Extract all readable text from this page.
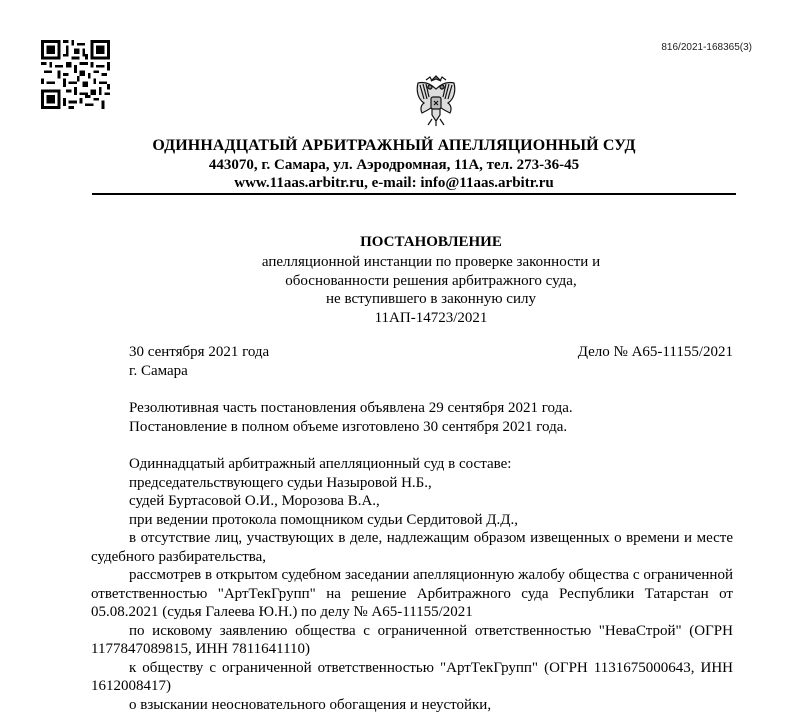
816/2021-168365(3)
ОДИННАДЦАТЫЙ АРБИТРАЖНЫЙ АПЕЛЛЯЦИОННЫЙ СУД
443070, г. Самара, ул. Аэродромная, 11А, тел. 273-36-45
www.11aas.arbitr.ru, e-mail: info@11aas.arbitr.ru
ПОСТАНОВЛЕНИЕ
апелляционной инстанции по проверке законности и
обоснованности решения арбитражного суда,
не вступившего в законную силу
11АП-14723/2021
30 сентября 2021 года	Дело № А65-11155/2021
г. Самара
Резолютивная часть постановления объявлена 29 сентября 2021 года.
Постановление в полном объеме изготовлено 30 сентября 2021 года.
Одиннадцатый арбитражный апелляционный суд в составе:
председательствующего судьи Назыровой Н.Б.,
судей Буртасовой О.И., Морозова В.А.,
при ведении протокола помощником судьи Сердитовой Д.Д.,
в отсутствие лиц, участвующих в деле, надлежащим образом извещенных о времени и месте судебного разбирательства,
рассмотрев в открытом судебном заседании апелляционную жалобу общества с ограниченной ответственностью "АртТекГрупп" на решение Арбитражного суда Республики Татарстан от 05.08.2021 (судья Галеева Ю.Н.) по делу № А65-11155/2021
по исковому заявлению общества с ограниченной ответственностью "НеваСтрой" (ОГРН 1177847089815, ИНН 7811641110)
к обществу с ограниченной ответственностью "АртТекГрупп" (ОГРН 1131675000643, ИНН 1612008417)
о взыскании неосновательного обогащения и неустойки,
